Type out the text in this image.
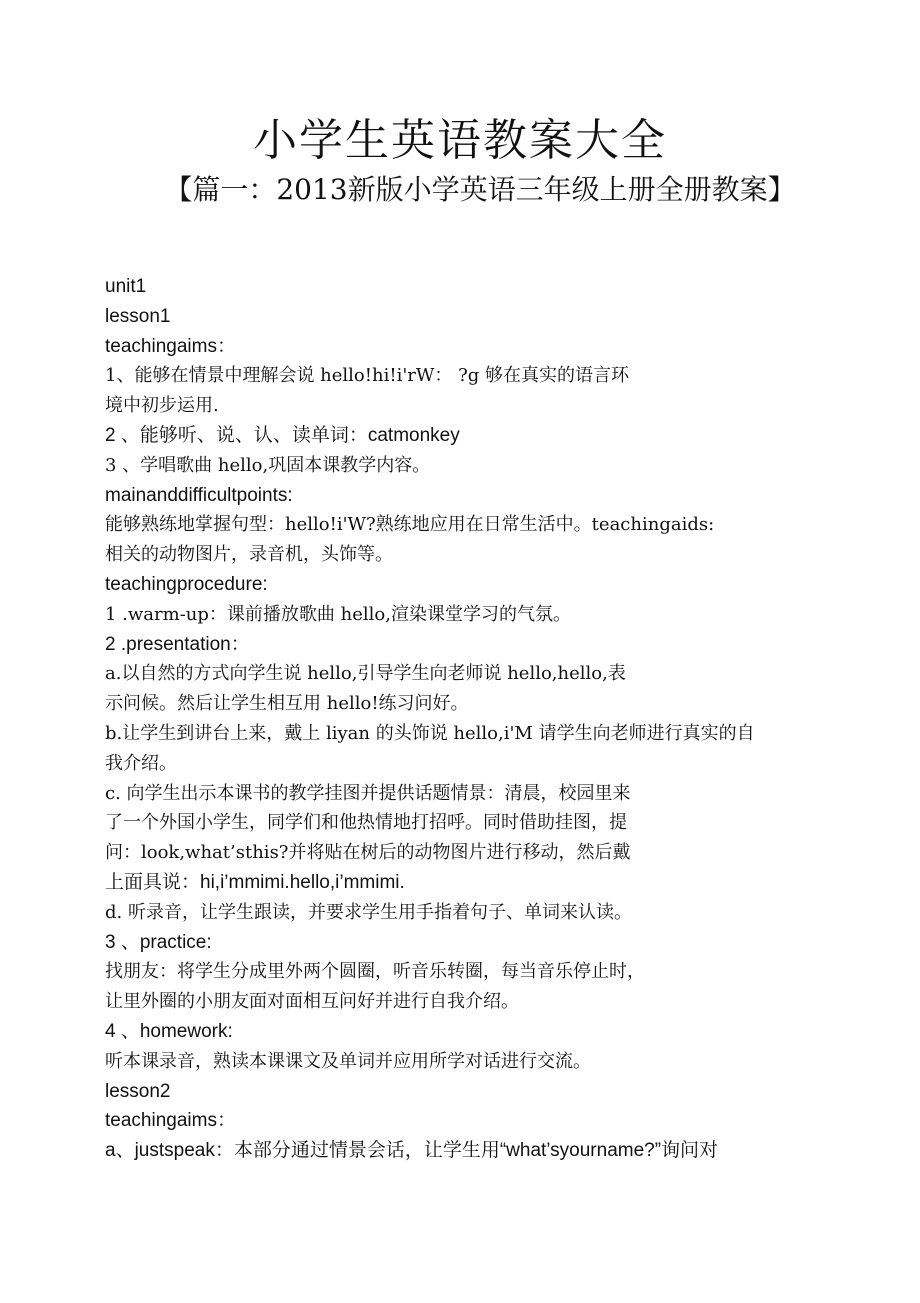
小学生英语教案大全
【篇一：2013新版小学英语三年级上册全册教案】
unit1
lesson1
teachingaims：
1、能够在情景中理解会说 hello!hi!i'rW： ?g 够在真实的语言环
境中初步运用.
2 、能够听、说、认、读单词：catmonkey
3 、学唱歌曲 hello,巩固本课教学内容。
mainanddifficultpoints:
能够熟练地掌握句型：hello!i'W?熟练地应用在日常生活中。teachingaids:
相关的动物图片，录音机，头饰等。
teachingprocedure:
1 .warm-up：课前播放歌曲 hello,渲染课堂学习的气氛。
2 .presentation：
a.以自然的方式向学生说 hello,引导学生向老师说 hello,hello,表
示问候。然后让学生相互用 hello!练习问好。
b.让学生到讲台上来，戴上 liyan 的头饰说 hello,i'M 请学生向老师进行真实的自
我介绍。
c. 向学生出示本课书的教学挂图并提供话题情景：清晨，校园里来
了一个外国小学生，同学们和他热情地打招呼。同时借助挂图，提
问：look,what’sthis?并将贴在树后的动物图片进行移动，然后戴
上面具说：hi,i’mmimi.hello,i’mmimi.
d. 听录音，让学生跟读，并要求学生用手指着句子、单词来认读。
3 、practice:
找朋友：将学生分成里外两个圆圈，听音乐转圈，每当音乐停止时，
让里外圈的小朋友面对面相互问好并进行自我介绍。
4 、homework:
听本课录音，熟读本课课文及单词并应用所学对话进行交流。
lesson2
teachingaims：
a、justspeak：本部分通过情景会话，让学生用“what’syourname?”询问对
